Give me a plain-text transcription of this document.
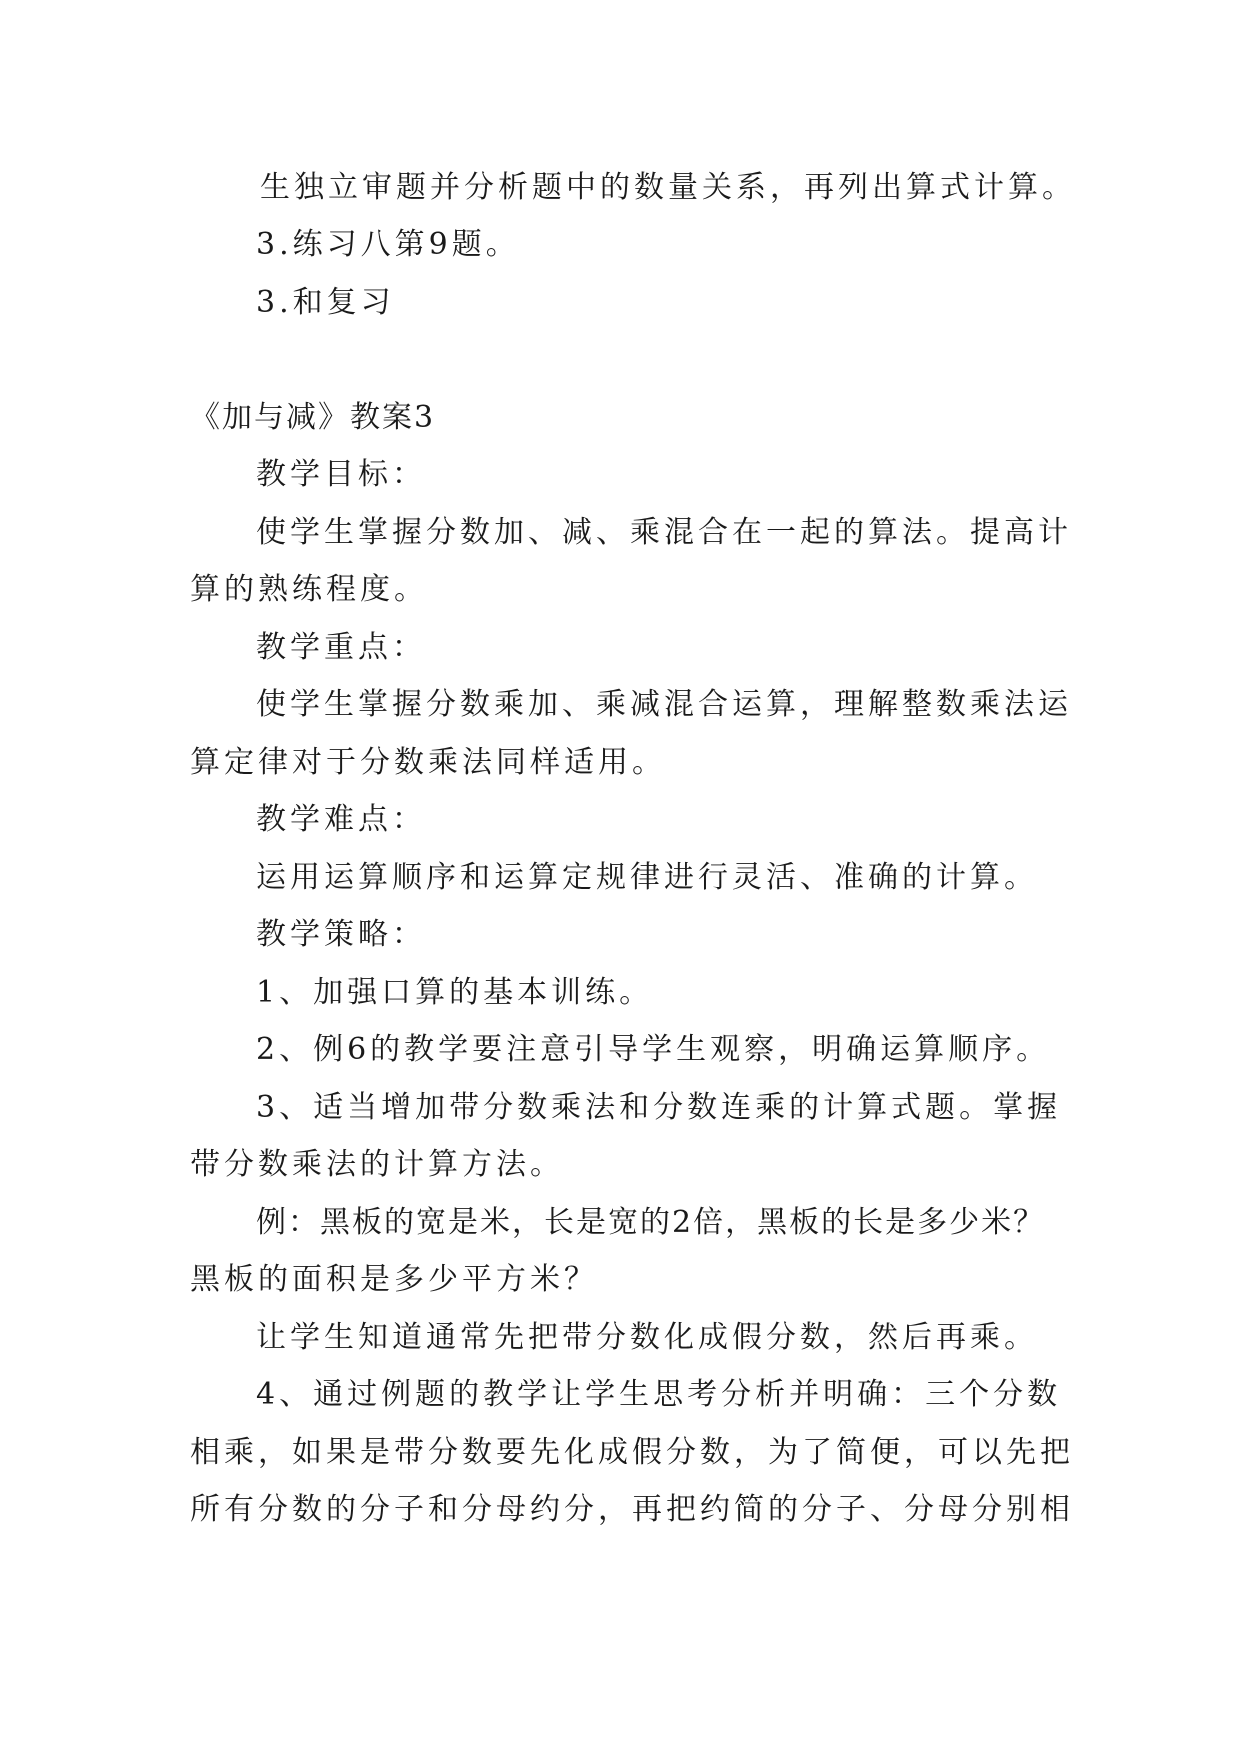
生独立审题并分析题中的数量关系，再列出算式计算。
3.练习八第9题。
3.和复习
《加与减》教案3
教学目标：
使学生掌握分数加、减、乘混合在一起的算法。提高计
算的熟练程度。
教学重点：
使学生掌握分数乘加、乘减混合运算，理解整数乘法运
算定律对于分数乘法同样适用。
教学难点：
运用运算顺序和运算定规律进行灵活、准确的计算。
教学策略：
1、加强口算的基本训练。
2、例6的教学要注意引导学生观察，明确运算顺序。
3、适当增加带分数乘法和分数连乘的计算式题。掌握
带分数乘法的计算方法。
例：黑板的宽是米，长是宽的2倍，黑板的长是多少米？
黑板的面积是多少平方米？
让学生知道通常先把带分数化成假分数，然后再乘。
4、通过例题的教学让学生思考分析并明确：三个分数
相乘，如果是带分数要先化成假分数，为了简便，可以先把
所有分数的分子和分母约分，再把约简的分子、分母分别相
